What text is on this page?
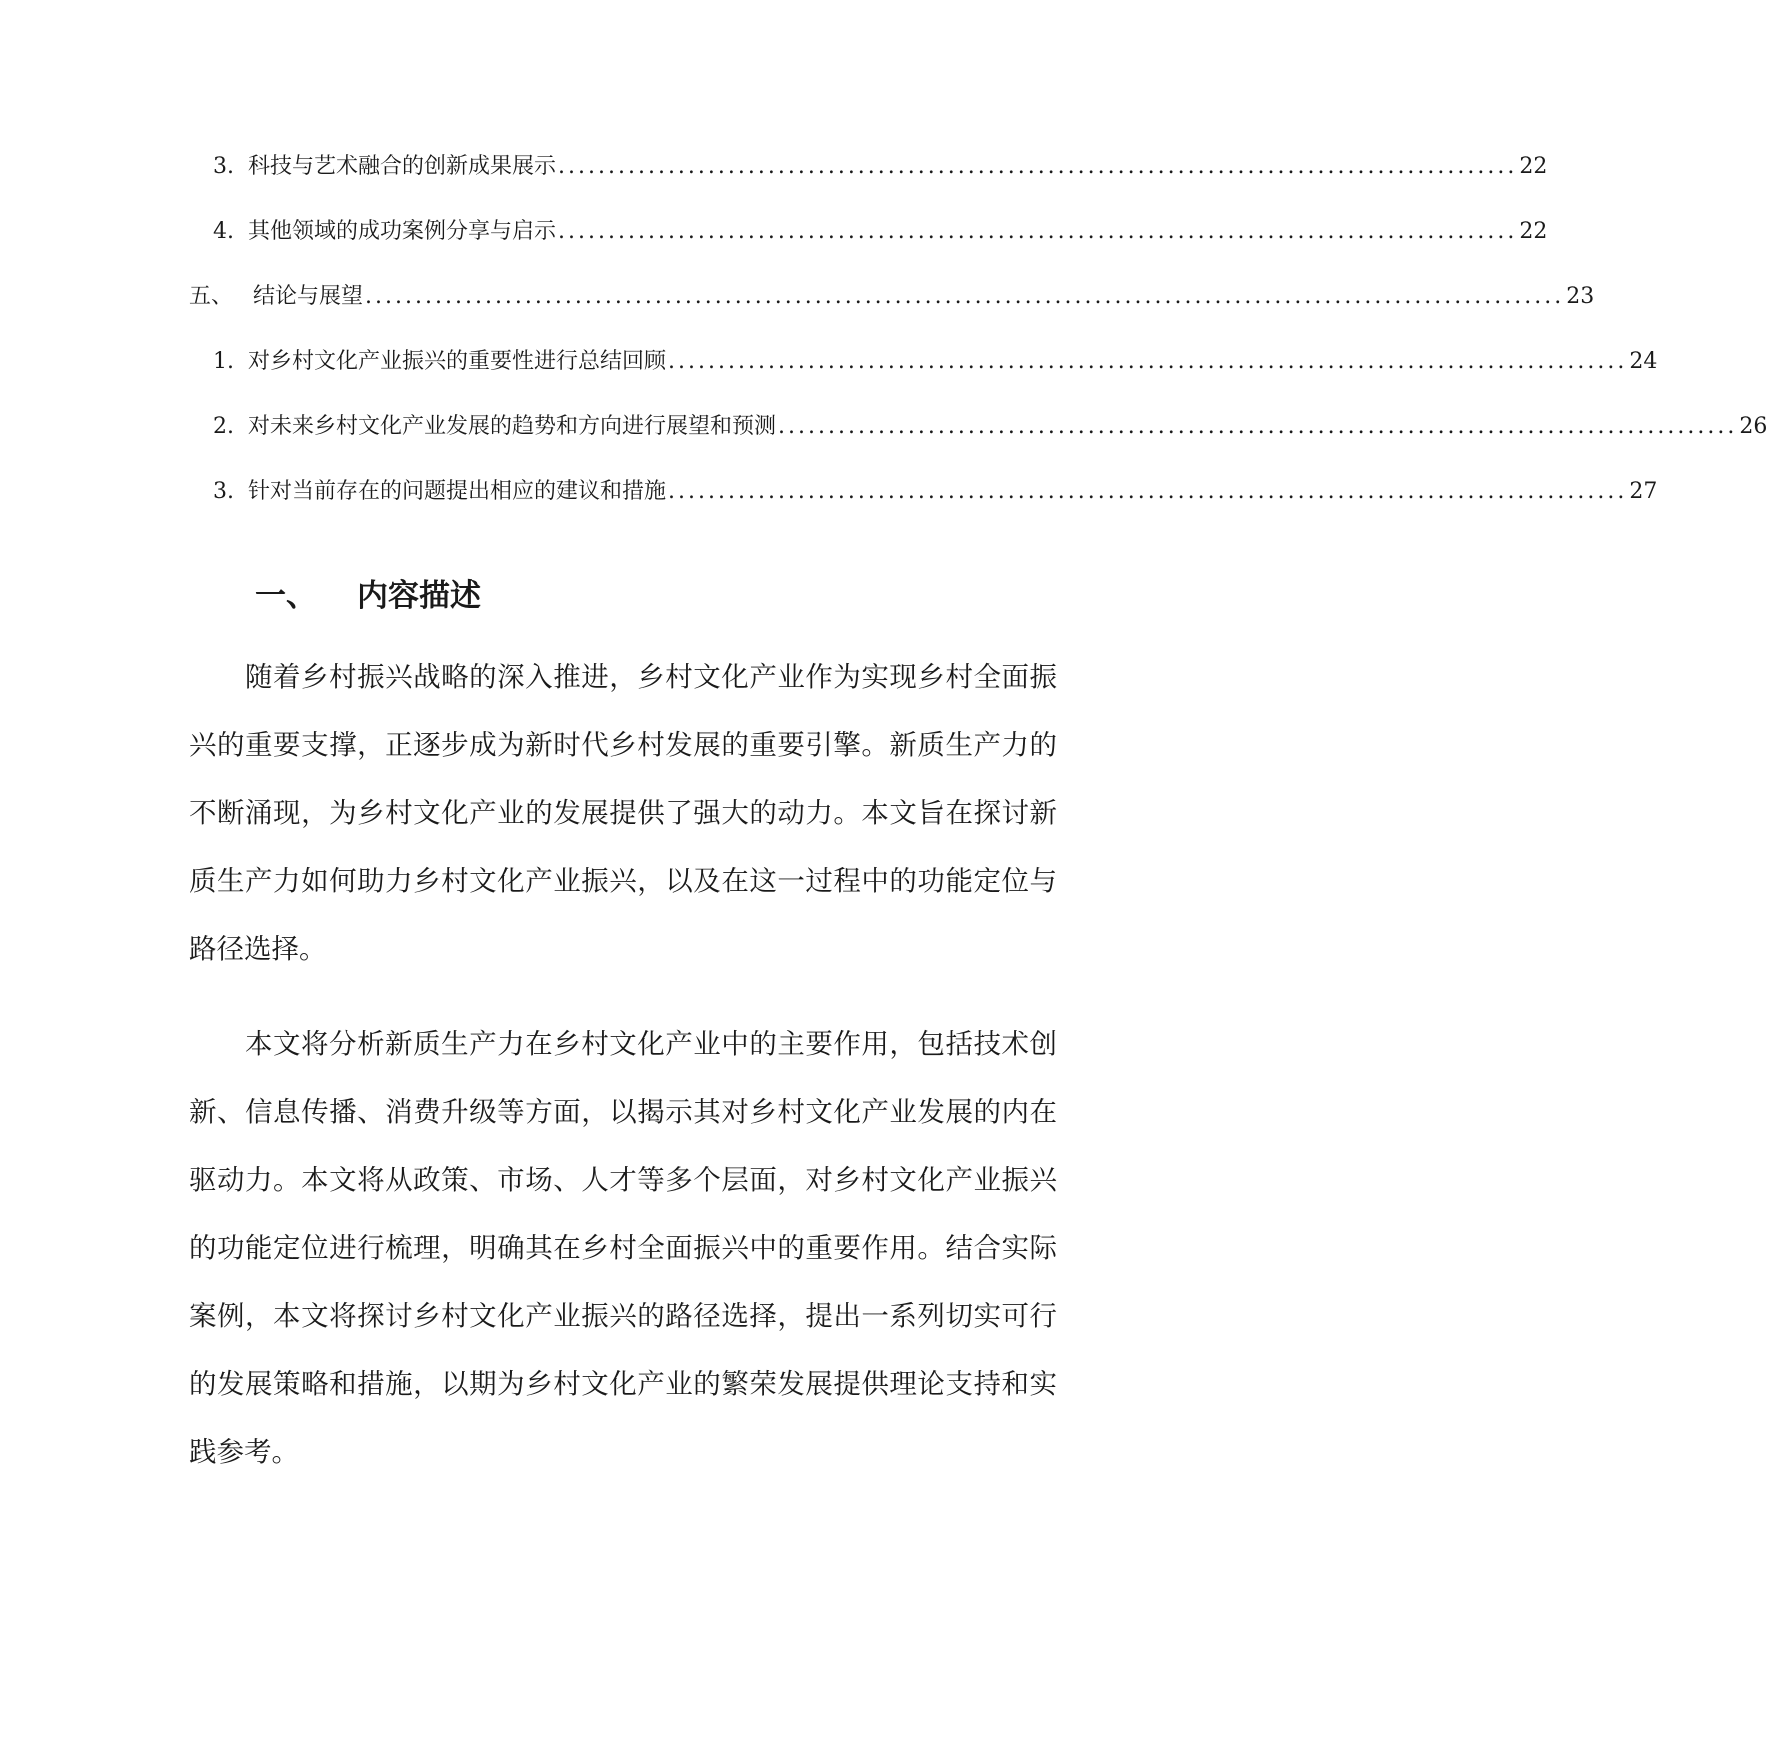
3. 科技与艺术融合的创新成果展示 ................................................................................................ 22
4. 其他领域的成功案例分享与启示 ................................................................................................ 22
五、 结论与展望 ........................................................................................................................ 23
1. 对乡村文化产业振兴的重要性进行总结回顾 ................................................................................................ 24
2. 对未来乡村文化产业发展的趋势和方向进行展望和预测 ................................................................................................ 26
3. 针对当前存在的问题提出相应的建议和措施 ................................................................................................ 27
一、 内容描述

随着乡村振兴战略的深入推进，乡村文化产业作为实现乡村全面振兴的重要支撑，正逐步成为新时代乡村发展的重要引擎。新质生产力的不断涌现，为乡村文化产业的发展提供了强大的动力。本文旨在探讨新质生产力如何助力乡村文化产业振兴，以及在这一过程中的功能定位与路径选择。

本文将分析新质生产力在乡村文化产业中的主要作用，包括技术创新、信息传播、消费升级等方面，以揭示其对乡村文化产业发展的内在驱动力。本文将从政策、市场、人才等多个层面，对乡村文化产业振兴的功能定位进行梳理，明确其在乡村全面振兴中的重要作用。结合实际案例，本文将探讨乡村文化产业振兴的路径选择，提出一系列切实可行的发展策略和措施，以期为乡村文化产业的繁荣发展提供理论支持和实践参考。
